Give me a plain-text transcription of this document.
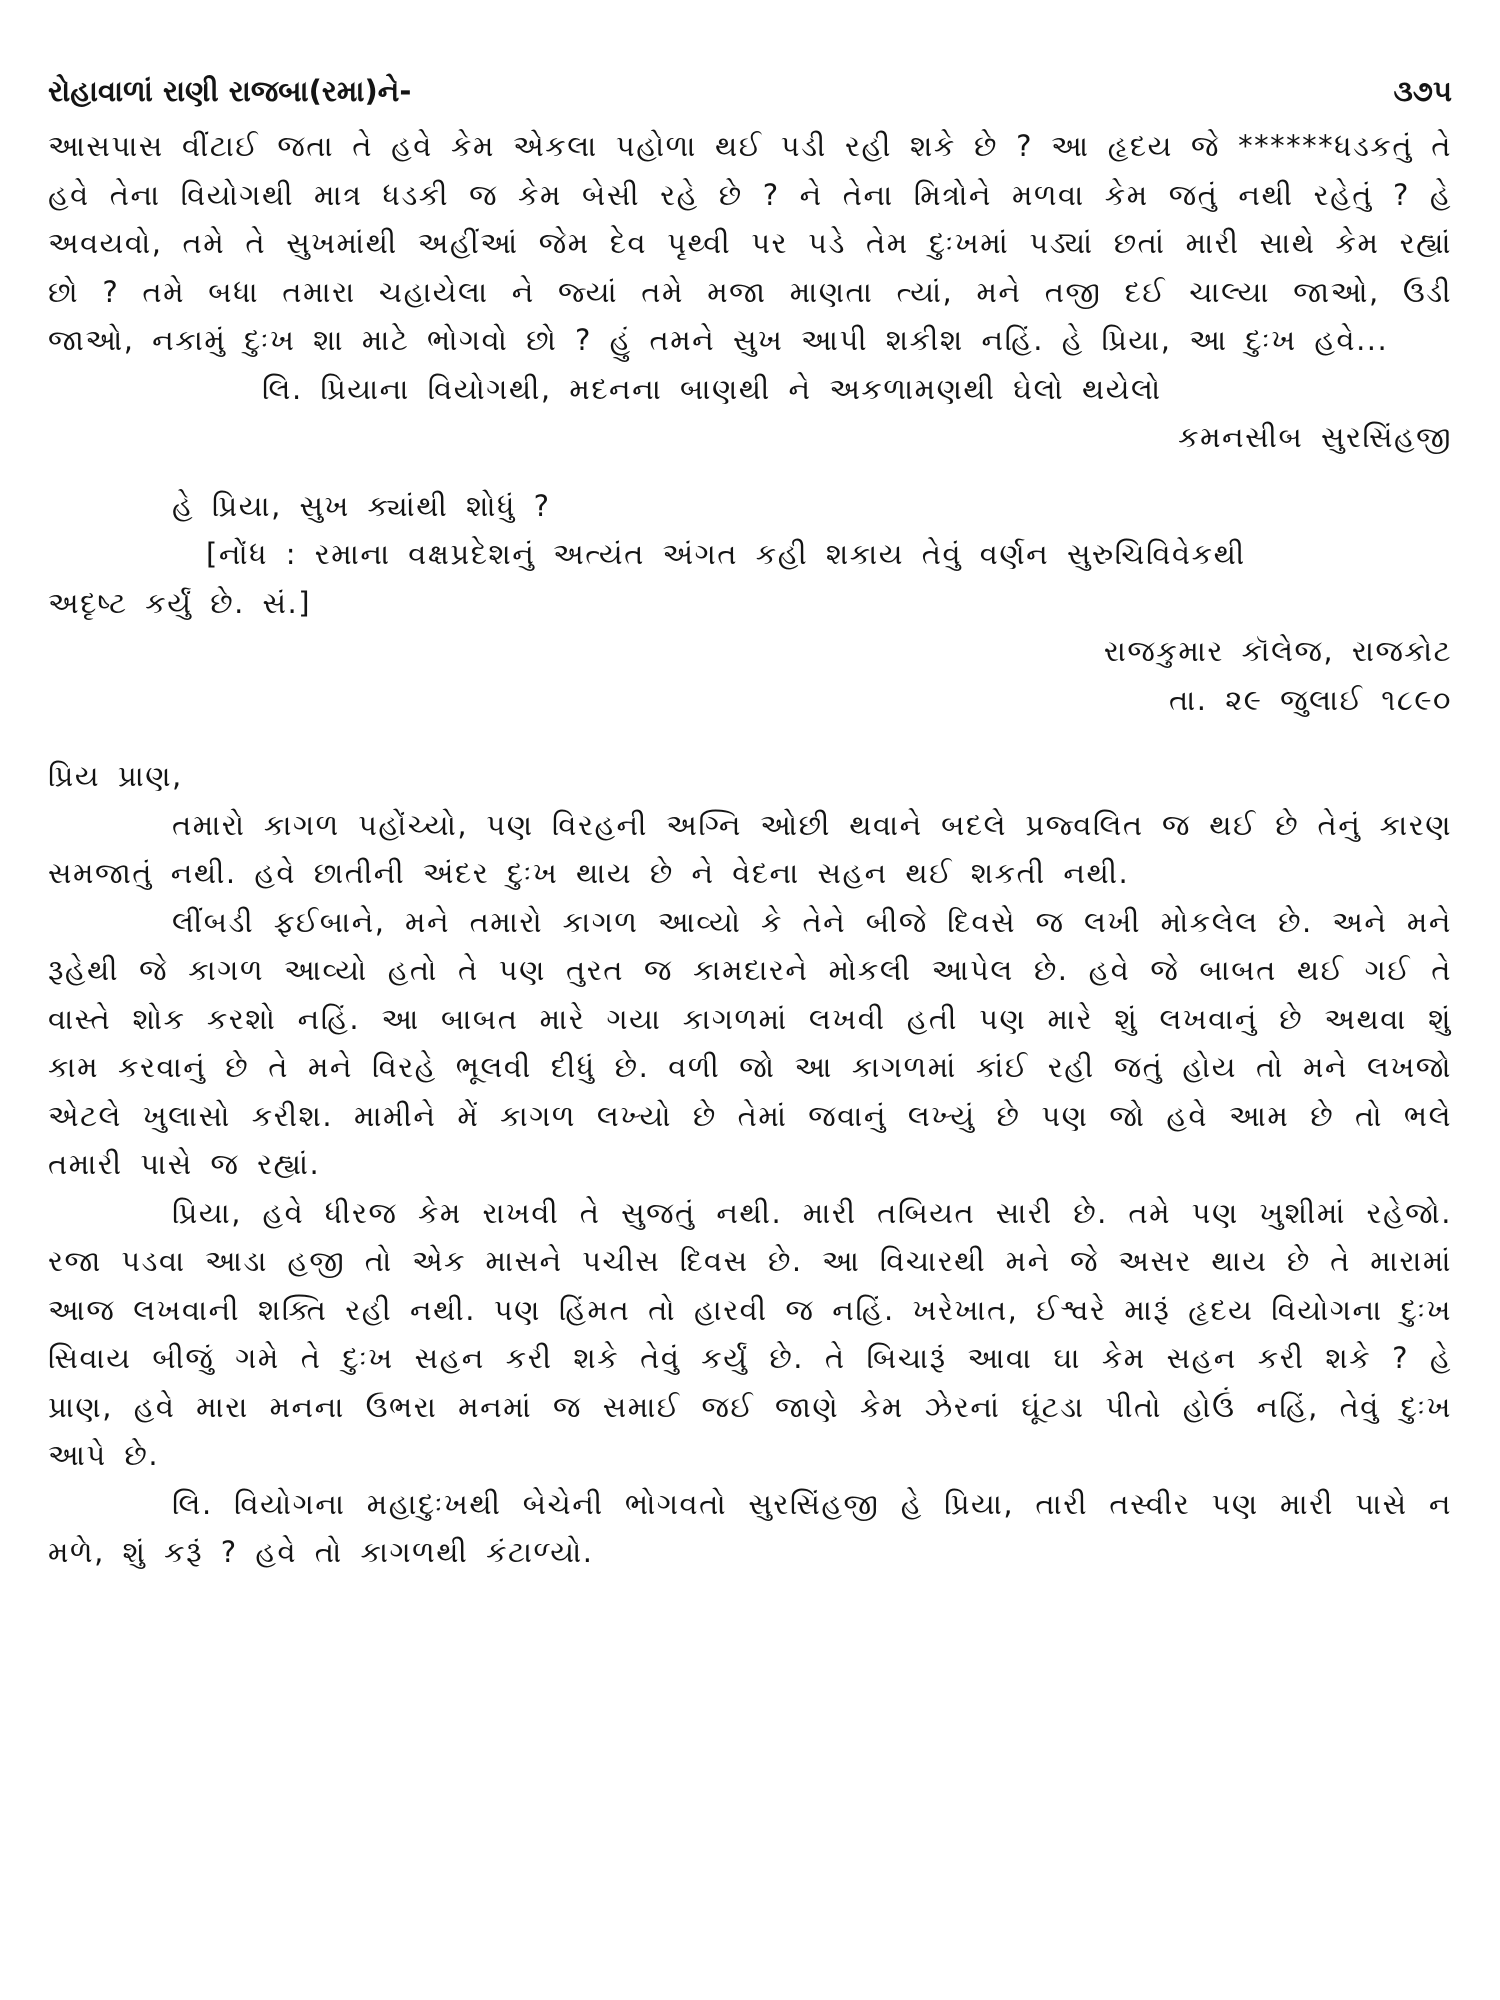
રોહાવાળાં રાણી રાજબા(રમા)ને-	૩૭૫

આસપાસ વીંટાઈ જતા તે હવે કેમ એકલા પહોળા થઈ પડી રહી શકે છે ? આ હૃદય જે ******ધડકતું તે હવે તેના વિયોગથી માત્ર ધડકી જ કેમ બેસી રહે છે ? ને તેના મિત્રોને મળવા કેમ જતું નથી રહેતું ? હે અવયવો, તમે તે સુખમાંથી અહીંઆં જેમ દેવ પૃથ્વી પર પડે તેમ દુઃખમાં પડ્યાં છતાં મારી સાથે કેમ રહ્યાં છો ? તમે બધા તમારા ચહાયેલા ને જ્યાં તમે મજા માણતા ત્યાં, મને તજી દઈ ચાલ્યા જાઓ, ઉડી જાઓ, નકામું દુઃખ શા માટે ભોગવો છો ? હું તમને સુખ આપી શકીશ નહિં. હે પ્રિયા, આ દુઃખ હવે...

લિ. પ્રિયાના વિયોગથી, મદનના બાણથી ને અકળામણથી ઘેલો થયેલો

કમનસીબ સુરસિંહજી

હે પ્રિયા, સુખ ક્યાંથી શોધું ?

[નોંધ : રમાના વક્ષપ્રદેશનું અત્યંત અંગત કહી શકાય તેવું વર્ણન સુરુચિવિવેકથી

અદૃષ્ટ કર્યું છે. સં.]

રાજકુમાર કૉલેજ, રાજકોટ

તા. ૨૯ જુલાઈ ૧૮૯૦

પ્રિય પ્રાણ,

તમારો કાગળ પહોંચ્યો, પણ વિરહની અગ્નિ ઓછી થવાને બદલે પ્રજ્વલિત જ થઈ છે તેનું કારણ સમજાતું નથી. હવે છાતીની અંદર દુઃખ થાય છે ને વેદના સહન થઈ શકતી નથી.

લીંબડી ફઈબાને, મને તમારો કાગળ આવ્યો કે તેને બીજે દિવસે જ લખી મોકલેલ છે. અને મને રૂહેથી જે કાગળ આવ્યો હતો તે પણ તુરત જ કામદારને મોકલી આપેલ છે. હવે જે બાબત થઈ ગઈ તે વાસ્તે શોક કરશો નહિં. આ બાબત મારે ગયા કાગળમાં લખવી હતી પણ મારે શું લખવાનું છે અથવા શું કામ કરવાનું છે તે મને વિરહે ભૂલવી દીધું છે. વળી જો આ કાગળમાં કાંઈ રહી જતું હોય તો મને લખજો એટલે ખુલાસો કરીશ. મામીને મેં કાગળ લખ્યો છે તેમાં જવાનું લખ્યું છે પણ જો હવે આમ છે તો ભલે તમારી પાસે જ રહ્યાં.

પ્રિયા, હવે ધીરજ કેમ રાખવી તે સુજતું નથી. મારી તબિયત સારી છે. તમે પણ ખુશીમાં રહેજો. રજા પડવા આડા હજી તો એક માસને પચીસ દિવસ છે. આ વિચારથી મને જે અસર થાય છે તે મારામાં આજ લખવાની શક્તિ રહી નથી. પણ હિંમત તો હારવી જ નહિં. ખરેખાત, ઈશ્વરે મારૂં હૃદય વિયોગના દુઃખ સિવાય બીજું ગમે તે દુઃખ સહન કરી શકે તેવું કર્યું છે. તે બિચારૂં આવા ઘા કેમ સહન કરી શકે ? હે પ્રાણ, હવે મારા મનના ઉભરા મનમાં જ સમાઈ જઈ જાણે કેમ ઝેરનાં ઘૂંટડા પીતો હોઉં નહિં, તેવું દુઃખ આપે છે.

લિ. વિયોગના મહાદુઃખથી બેચેની ભોગવતો સુરસિંહજી હે પ્રિયા, તારી તસ્વીર પણ મારી પાસે ન મળે, શું કરૂં ? હવે તો કાગળથી કંટાળ્યો.
